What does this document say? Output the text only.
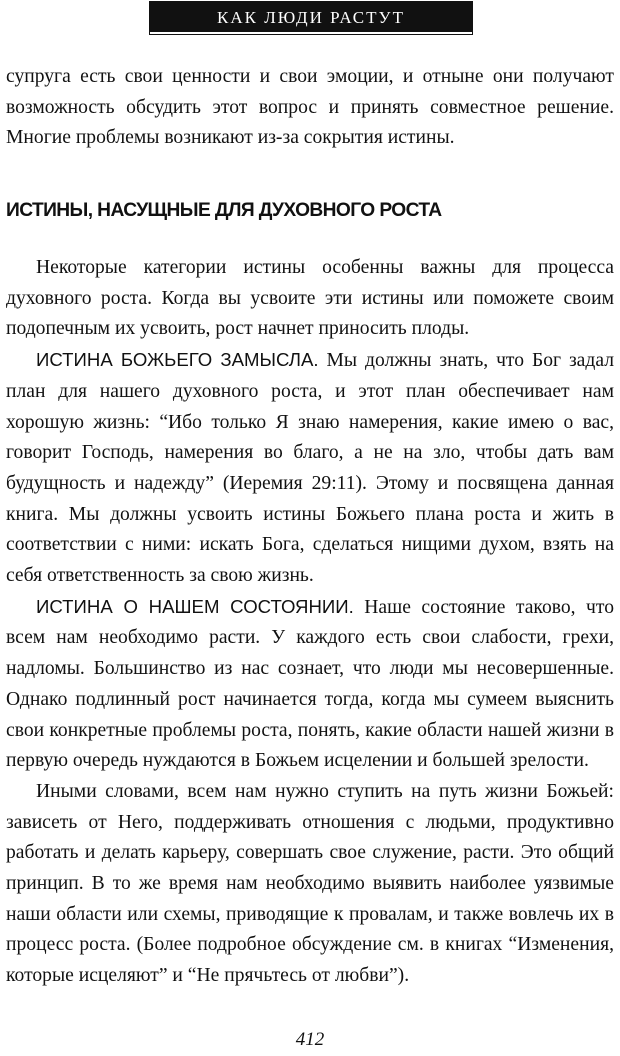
КАК ЛЮДИ РАСТУТ

супруга есть свои ценности и свои эмоции, и отныне они получают возможность обсудить этот вопрос и принять совместное решение. Многие проблемы возникают из-за сокрытия истины.

ИСТИНЫ, НАСУЩНЫЕ ДЛЯ ДУХОВНОГО РОСТА

Некоторые категории истины особенны важны для процесса духовного роста. Когда вы усвоите эти истины или поможете своим подопечным их усвоить, рост начнет приносить плоды.

ИСТИНА БОЖЬЕГО ЗАМЫСЛА. Мы должны знать, что Бог задал план для нашего духовного роста, и этот план обеспечивает нам хорошую жизнь: “Ибо только Я знаю намерения, какие имею о вас, говорит Господь, намерения во благо, а не на зло, чтобы дать вам будущность и надежду” (Иеремия 29:11). Этому и посвящена данная книга. Мы должны усвоить истины Божьего плана роста и жить в соответствии с ними: искать Бога, сделаться нищими духом, взять на себя ответственность за свою жизнь.

ИСТИНА О НАШЕМ СОСТОЯНИИ. Наше состояние таково, что всем нам необходимо расти. У каждого есть свои слабости, грехи, надломы. Большинство из нас сознает, что люди мы несовершенные. Однако подлинный рост начинается тогда, когда мы сумеем выяснить свои конкретные проблемы роста, понять, какие области нашей жизни в первую очередь нуждаются в Божьем исцелении и большей зрелости.

Иными словами, всем нам нужно ступить на путь жизни Божьей: зависеть от Него, поддерживать отношения с людьми, продуктивно работать и делать карьеру, совершать свое служение, расти. Это общий принцип. В то же время нам необходимо выявить наиболее уязвимые наши области или схемы, приводящие к провалам, и также вовлечь их в процесс роста. (Более подробное обсуждение см. в книгах “Изменения, которые исцеляют” и “Не прячьтесь от любви”).

412
